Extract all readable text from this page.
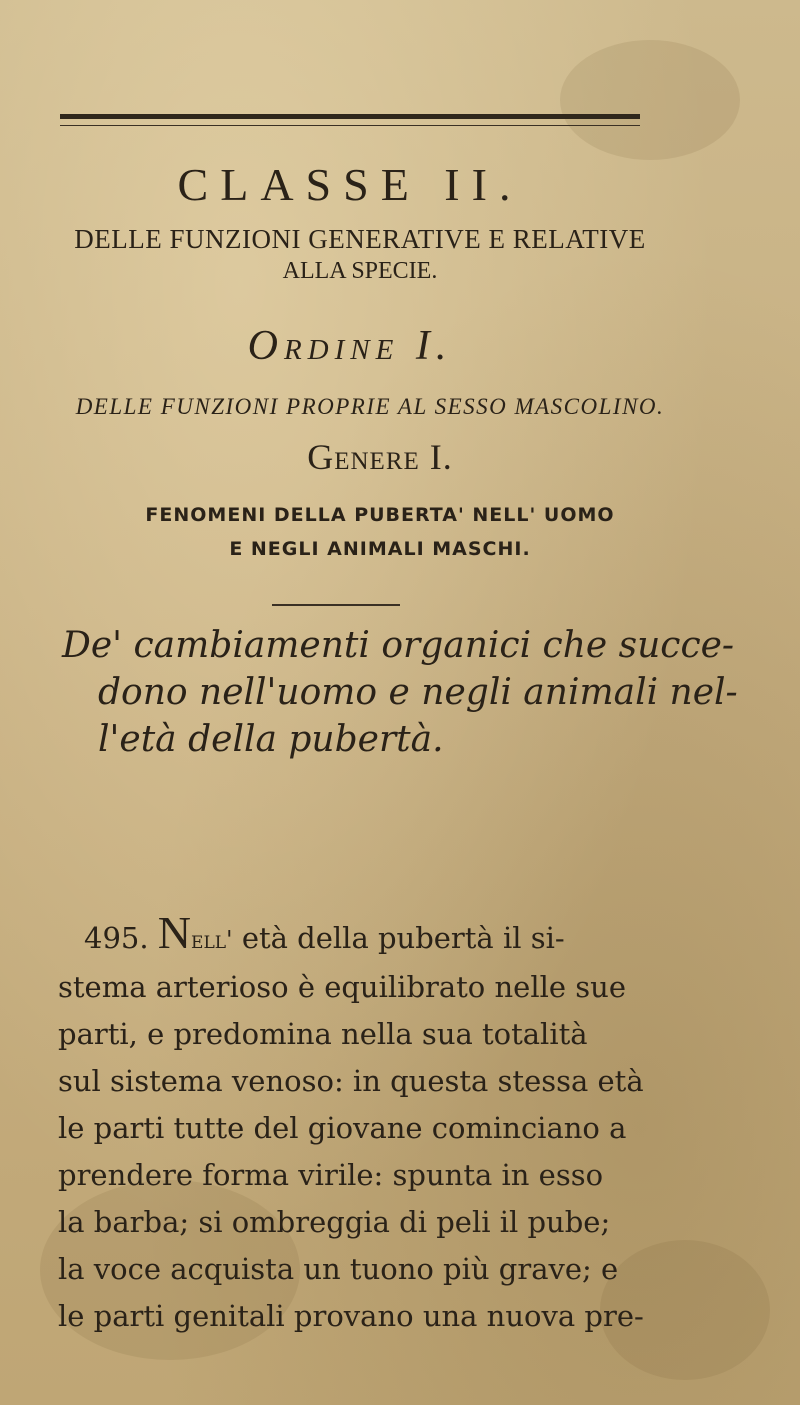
CLASSE II.
DELLE FUNZIONI GENERATIVE E RELATIVE
ALLA SPECIE.
Ordine I.
DELLE FUNZIONI PROPRIE AL SESSO MASCOLINO.
Genere I.
FENOMENI DELLA PUBERTA' NELL' UOMO
E NEGLI ANIMALI MASCHI.
De' cambiamenti organici che succe-
dono nell'uomo e negli animali nel-
l'età della pubertà.
495. Nell' età della pubertà il si-
stema arterioso è equilibrato nelle sue
parti, e predomina nella sua totalità
sul sistema venoso: in questa stessa età
le parti tutte del giovane cominciano a
prendere forma virile: spunta in esso
la barba; si ombreggia di peli il pube;
la voce acquista un tuono più grave; e
le parti genitali provano una nuova pre-
